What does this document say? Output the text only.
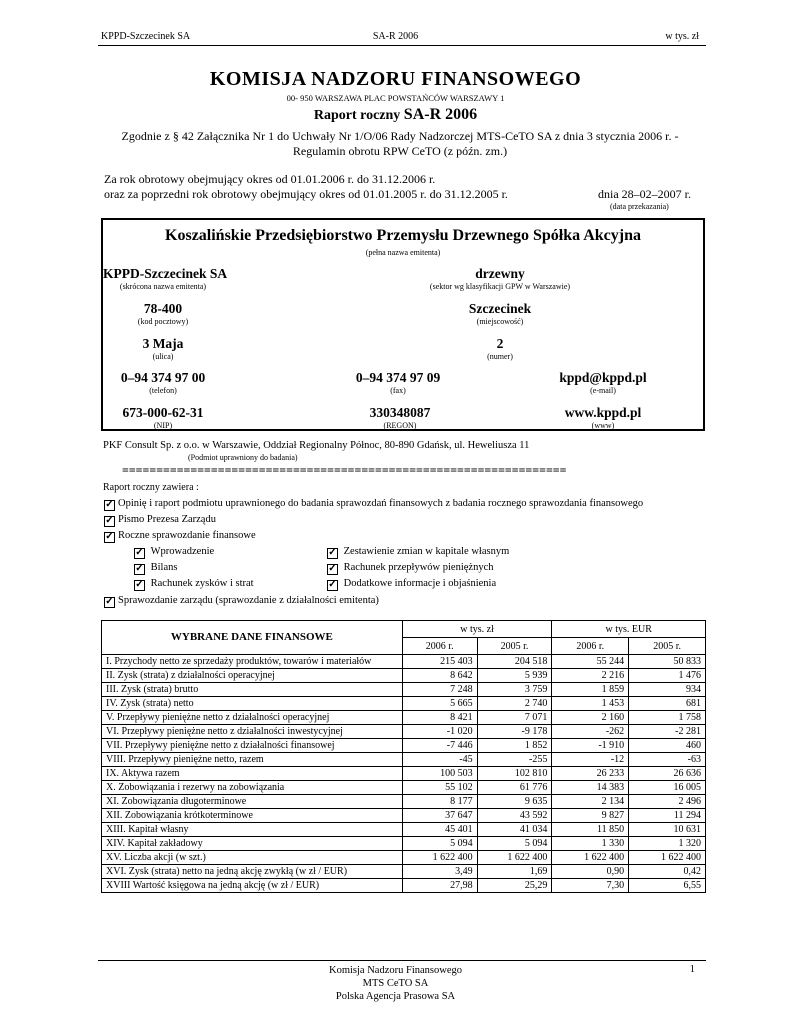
KPPD-Szczecinek SA	SA-R 2006	w tys. zł
KOMISJA NADZORU FINANSOWEGO
00- 950 WARSZAWA PLAC POWSTAŃCÓW WARSZAWY 1
Raport roczny SA-R 2006
Zgodnie z § 42 Załącznika Nr 1 do Uchwały Nr 1/O/06 Rady Nadzorczej MTS-CeTO SA z dnia 3 stycznia 2006 r. -
Regulamin obrotu RPW CeTO (z późn. zm.)
Za rok obrotowy obejmujący okres od 01.01.2006 r. do 31.12.2006 r.
oraz za poprzedni rok obrotowy obejmujący okres od 01.01.2005 r. do 31.12.2005 r.	dnia 28–02–2007 r.
(data przekazania)
Koszalińskie Przedsiębiorstwo Przemysłu Drzewnego Spółka Akcyjna
(pełna nazwa emitenta)
KPPD-Szczecinek SA
(skrócona nazwa emitenta)
drzewny
(sektor wg klasyfikacji GPW w Warszawie)
78-400
(kod pocztowy)
Szczecinek
(miejscowość)
3 Maja
(ulica)
2
(numer)
0–94 374 97 00
(telefon)
0–94 374 97 09
(fax)
kppd@kppd.pl
(e-mail)
673-000-62-31
(NIP)
330348087
(REGON)
www.kppd.pl
(www)
PKF Consult Sp. z o.o. w Warszawie, Oddział Regionalny Północ, 80-890 Gdańsk, ul. Heweliusza 11
(Podmiot uprawniony do badania)
=================================================================
Raport roczny zawiera :
✓ Opinię i raport podmiotu uprawnionego do badania sprawozdań finansowych z badania rocznego sprawozdania finansowego
✓ Pismo Prezesa Zarządu
✓ Roczne sprawozdanie finansowe
✓ Wprowadzenie
✓ Bilans
✓ Rachunek zysków i strat
✓ Zestawienie zmian w kapitale własnym
✓ Rachunek przepływów pieniężnych
✓ Dodatkowe informacje i objaśnienia
✓ Sprawozdanie zarządu (sprawozdanie z działalności emitenta)
WYBRANE DANE FINANSOWE	w tys. zł		w tys. EUR	
	2006 r.	2005 r.	2006 r.	2005 r.
I. Przychody netto ze sprzedaży produktów, towarów i materiałów	215 403	204 518	55 244	50 833
II. Zysk (strata) z działalności operacyjnej	8 642	5 939	2 216	1 476
III. Zysk (strata) brutto	7 248	3 759	1 859	934
IV. Zysk (strata) netto	5 665	2 740	1 453	681
V. Przepływy pieniężne netto z działalności operacyjnej	8 421	7 071	2 160	1 758
VI. Przepływy pieniężne netto z działalności inwestycyjnej	-1 020	-9 178	-262	-2 281
VII. Przepływy pieniężne netto z działalności finansowej	-7 446	1 852	-1 910	460
VIII. Przepływy pieniężne netto, razem	-45	-255	-12	-63
IX. Aktywa razem	100 503	102 810	26 233	26 636
X. Zobowiązania i rezerwy na zobowiązania	55 102	61 776	14 383	16 005
XI. Zobowiązania długoterminowe	8 177	9 635	2 134	2 496
XII. Zobowiązania krótkoterminowe	37 647	43 592	9 827	11 294
XIII. Kapitał własny	45 401	41 034	11 850	10 631
XIV. Kapitał zakładowy	5 094	5 094	1 330	1 320
XV. Liczba akcji (w szt.)	1 622 400	1 622 400	1 622 400	1 622 400
XVI. Zysk (strata) netto na jedną akcję zwykłą (w zł / EUR)	3,49	1,69	0,90	0,42
XVIII Wartość księgowa na jedną akcję (w zł / EUR)	27,98	25,29	7,30	6,55
Komisja Nadzoru Finansowego
MTS CeTO SA
Polska Agencja Prasowa SA
1
